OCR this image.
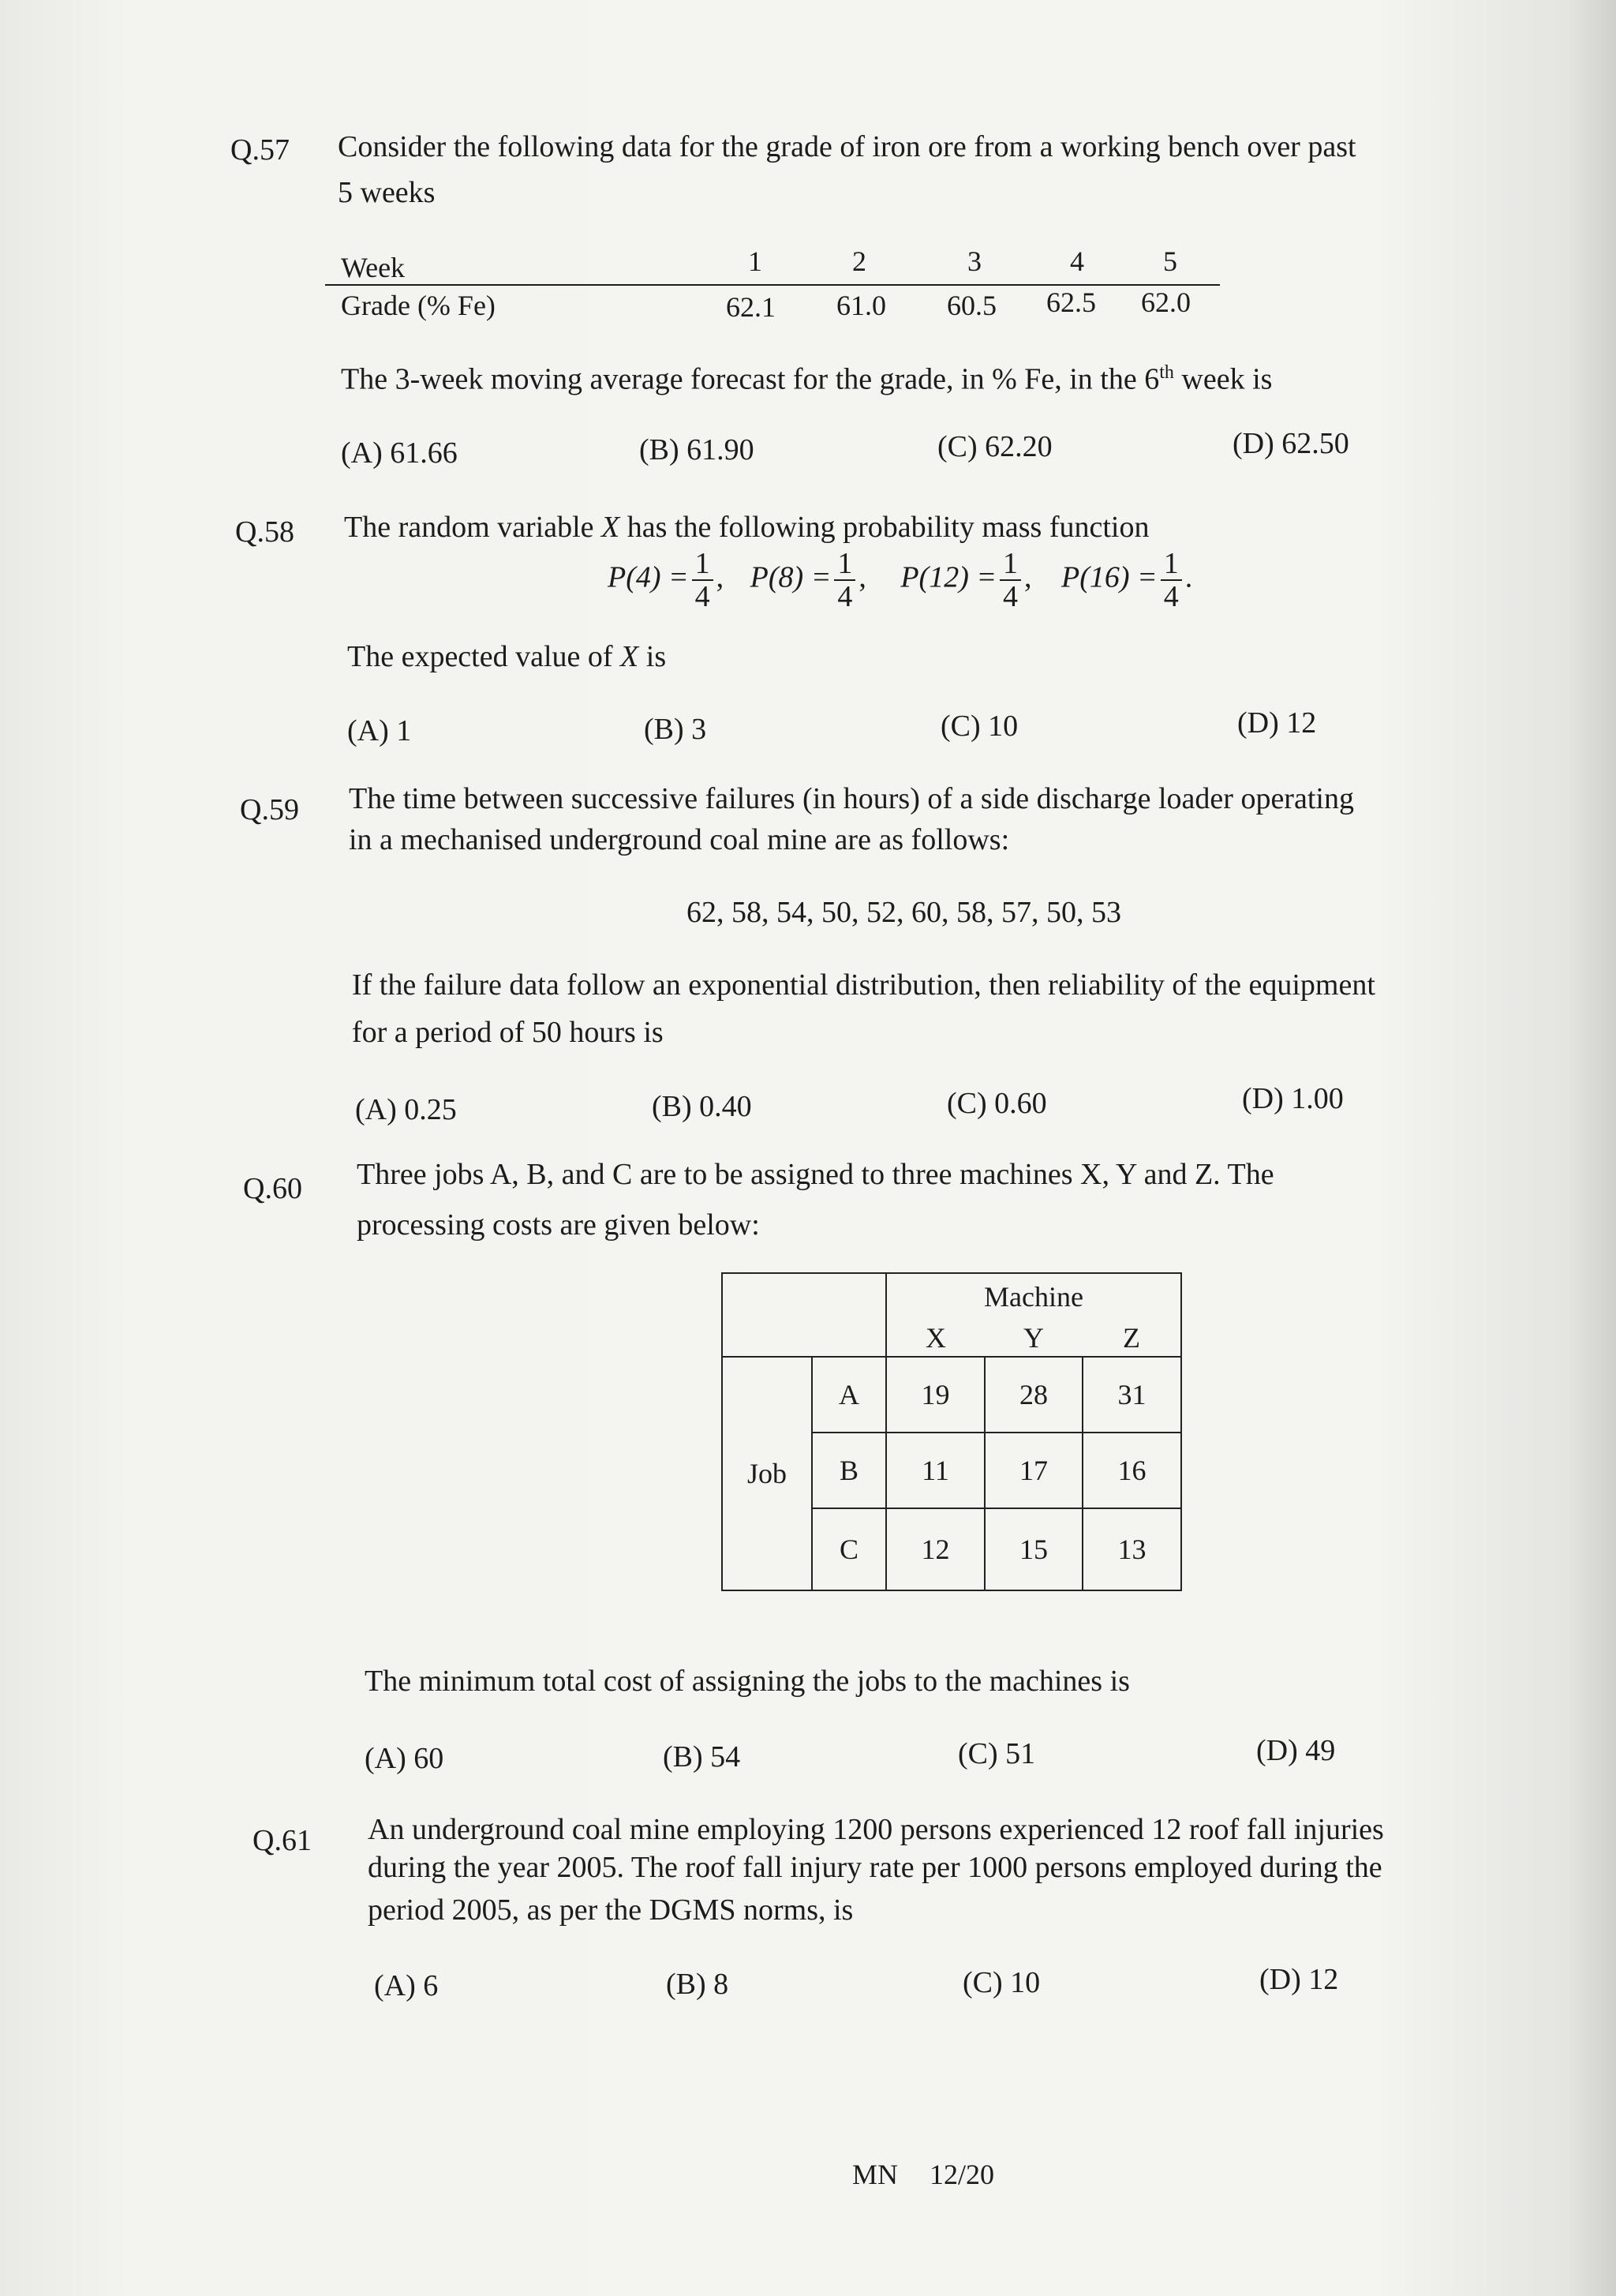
Q.57 Consider the following data for the grade of iron ore from a working bench over past
5 weeks
Week	1	2	3	4	5
Grade (% Fe)	62.1 61.0 60.5 62.5 62.0
The 3-week moving average forecast for the grade, in % Fe, in the 6th week is
(A) 61.66	(B) 61.90	(C) 62.20	(D) 62.50
Q.58 The random variable X has the following probability mass function
$P(4) = \frac{1}{4}$ , $P(8) = \frac{1}{4}$ , $P(12) = \frac{1}{4}$ , $P(16) = \frac{1}{4}$ .
The expected value of X is
(A) 1	(B) 3	(C) 10	(D) 12
Q.59 The time between successive failures (in hours) of a side discharge loader operating
in a mechanised underground coal mine are as follows:
62, 58, 54, 50, 52, 60, 58, 57, 50, 53
If the failure data follow an exponential distribution, then reliability of the equipment
for a period of 50 hours is
(A) 0.25	(B) 0.40	(C) 0.60	(D) 1.00
Q.60 Three jobs A, B, and C are to be assigned to three machines X, Y and Z. The
processing costs are given below:
		Machine		
		X	Y	Z
Job	A	19	28	31
	B	11	17	16
	C	12	15	13
The minimum total cost of assigning the jobs to the machines is
(A) 60	(B) 54	(C) 51	(D) 49
Q.61 An underground coal mine employing 1200 persons experienced 12 roof fall injuries
during the year 2005. The roof fall injury rate per 1000 persons employed during the
period 2005, as per the DGMS norms, is
(A) 6	(B) 8	(C) 10	(D) 12
MN 12/20
